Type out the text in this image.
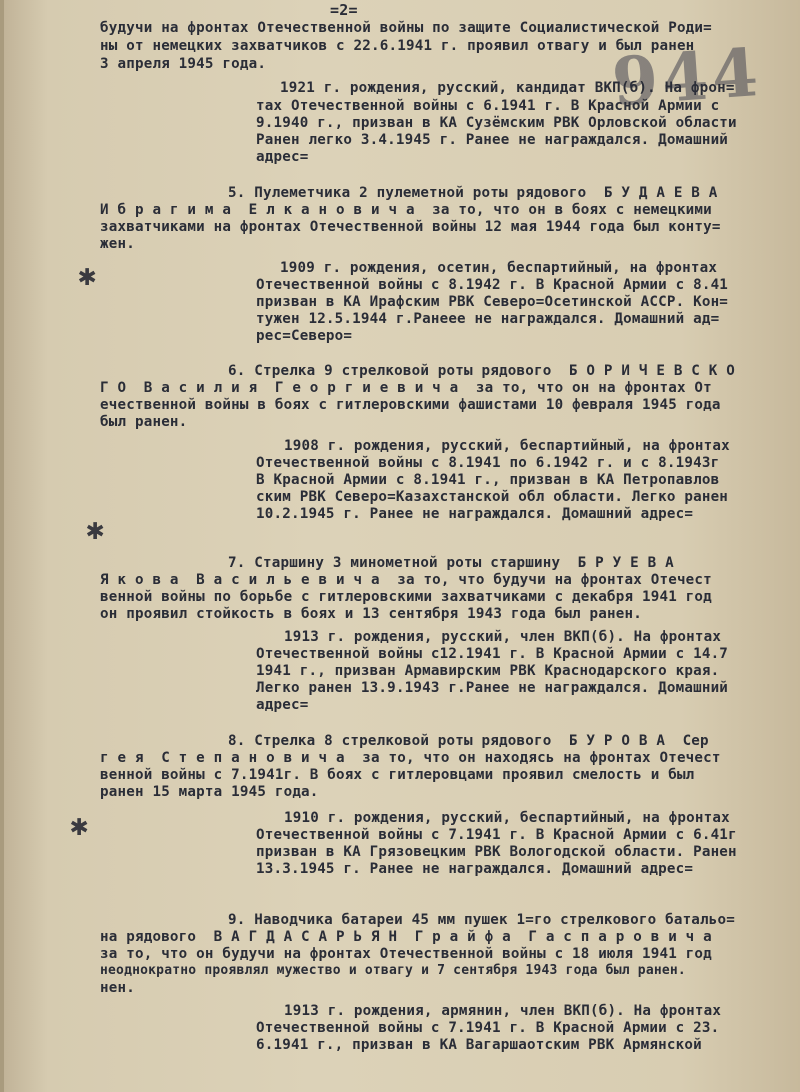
=2=
944
будучи на фронтах Отечественной войны по защите Социалистической Роди=
ны от немецких захватчиков с 22.6.1941 г. проявил отвагу и был ранен
3 апреля 1945 года.
1921 г. рождения, русский, кандидат ВКП(б). На фрон=
тах Отечественной войны с 6.1941 г. В Красной Армии с
9.1940 г., призван в КА Сузёмским РВК Орловской области
Ранен легко 3.4.1945 г. Ранее не награждался. Домашний
адрес=
5. Пулеметчика 2 пулеметной роты рядового  Б У Д А Е В А
И б р а г и м а  Е л к а н о в и ч а  за то, что он в боях с немецкими
захватчиками на фронтах Отечественной войны 12 мая 1944 года был конту=
жен.
✱	1909 г. рождения, осетин, беспартийный, на фронтах
Отечественной войны с 8.1942 г. В Красной Армии с 8.41
призван в КА Ирафским РВК Северо=Осетинской АССР. Кон=
тужен 12.5.1944 г.Ранеее не награждался. Домашний ад=
рес=Северо=
6. Стрелка 9 стрелковой роты рядового  Б О Р И Ч Е В С К О
Г О  В а с и л и я  Г е о р г и е в и ч а  за то, что он на фронтах От
ечественной войны в боях с гитлеровскими фашистами 10 февраля 1945 года
был ранен.
1908 г. рождения, русский, беспартийный, на фронтах
Отечественной войны с 8.1941 по 6.1942 г. и с 8.1943г
В Красной Армии с 8.1941 г., призван в КА Петропавлов
ским РВК Северо=Казахстанской обл области. Легко ранен
10.2.1945 г. Ранее не награждался. Домашний адрес=
✱
7. Старшину 3 минометной роты старшину  Б Р У Е В А
Я к о в а  В а с и л ь е в и ч а  за то, что будучи на фронтах Отечест
венной войны по борьбе с гитлеровскими захватчиками с декабря 1941 год
он проявил стойкость в боях и 13 сентября 1943 года был ранен.
1913 г. рождения, русский, член ВКП(б). На фронтах
Отечественной войны с12.1941 г. В Красной Армии с 14.7
1941 г., призван Армавирским РВК Краснодарского края.
Легко ранен 13.9.1943 г.Ранее не награждался. Домашний
адрес=
8. Стрелка 8 стрелковой роты рядового  Б У Р О В А  Сер
г е я  С т е п а н о в и ч а  за то, что он находясь на фронтах Отечест
венной войны с 7.1941г. В боях с гитлеровцами проявил смелость и был
ранен 15 марта 1945 года.
✱	1910 г. рождения, русский, беспартийный, на фронтах
Отечественной войны с 7.1941 г. В Красной Армии с 6.41г
призван в КА Грязовецким РВК Вологодской области. Ранен
13.3.1945 г. Ранее не награждался. Домашний адрес=
9. Наводчика батареи 45 мм пушек 1=го стрелкового батальо=
на рядового  В А Г Д А С А Р Ь Я Н  Г р а й ф а  Г а с п а р о в и ч а
за то, что он будучи на фронтах Отечественной войны с 18 июля 1941 год
неоднократно проявлял мужество и отвагу и 7 сентября 1943 года был ранен.
нен.
1913 г. рождения, армянин, член ВКП(б). На фронтах
Отечественной войны с 7.1941 г. В Красной Армии с 23.
6.1941 г., призван в КА Вагаршаотским РВК Армянской
